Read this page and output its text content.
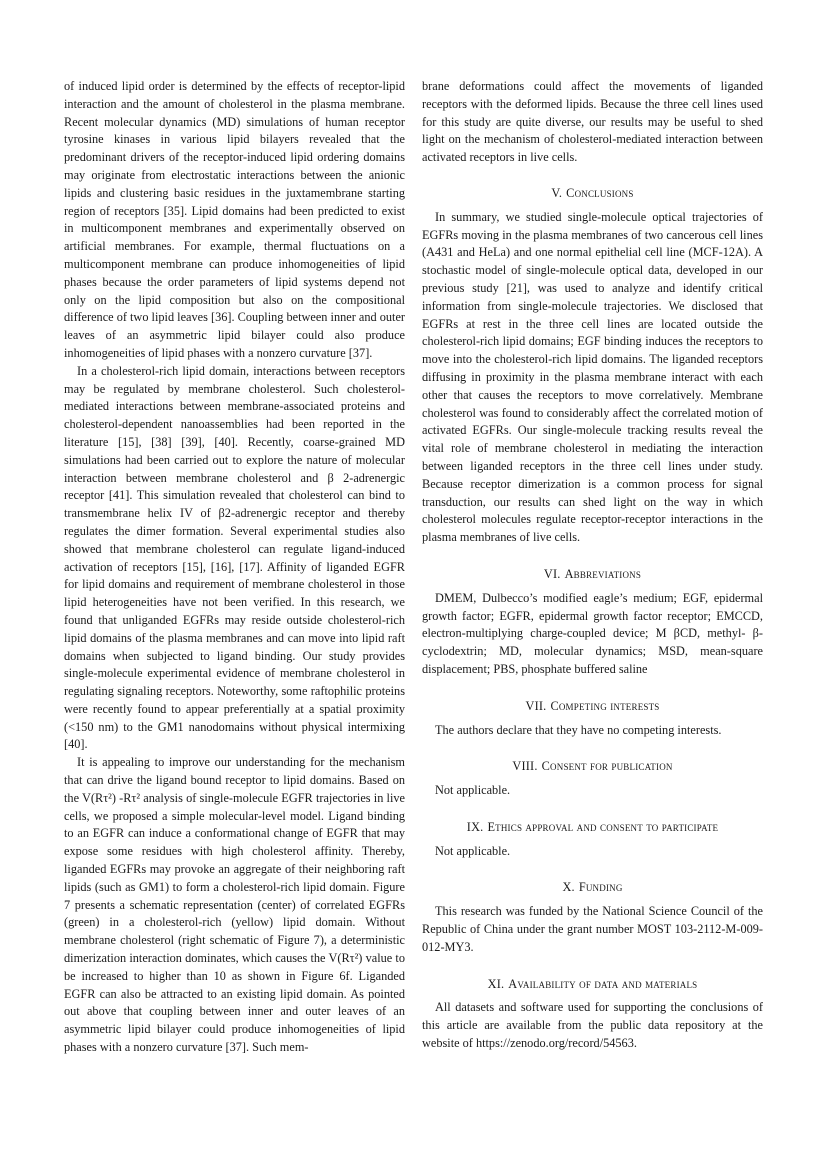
of induced lipid order is determined by the effects of receptor-lipid interaction and the amount of cholesterol in the plasma membrane. Recent molecular dynamics (MD) simulations of human receptor tyrosine kinases in various lipid bilayers revealed that the predominant drivers of the receptor-induced lipid ordering domains may originate from electrostatic interactions between the anionic lipids and clustering basic residues in the juxtamembrane starting region of receptors [35]. Lipid domains had been predicted to exist in multicomponent membranes and experimentally observed on artificial membranes. For example, thermal fluctuations on a multicomponent membrane can produce inhomogeneities of lipid phases because the order parameters of lipid systems depend not only on the lipid composition but also on the compositional difference of two lipid leaves [36]. Coupling between inner and outer leaves of an asymmetric lipid bilayer could also produce inhomogeneities of lipid phases with a nonzero curvature [37].

In a cholesterol-rich lipid domain, interactions between receptors may be regulated by membrane cholesterol. Such cholesterol-mediated interactions between membrane-associated proteins and cholesterol-dependent nanoassemblies had been reported in the literature [15], [38] [39], [40]. Recently, coarse-grained MD simulations had been carried out to explore the nature of molecular interaction between membrane cholesterol and β 2-adrenergic receptor [41]. This simulation revealed that cholesterol can bind to transmembrane helix IV of β2-adrenergic receptor and thereby regulates the dimer formation. Several experimental studies also showed that membrane cholesterol can regulate ligand-induced activation of receptors [15], [16], [17]. Affinity of liganded EGFR for lipid domains and requirement of membrane cholesterol in those lipid heterogeneities have not been verified. In this research, we found that unliganded EGFRs may reside outside cholesterol-rich lipid domains of the plasma membranes and can move into lipid raft domains when subjected to ligand binding. Our study provides single-molecule experimental evidence of membrane cholesterol in regulating signaling receptors. Noteworthy, some raftophilic proteins were recently found to appear preferentially at a spatial proximity (<150 nm) to the GM1 nanodomains without physical intermixing [40].

It is appealing to improve our understanding for the mechanism that can drive the ligand bound receptor to lipid domains. Based on the V(Rτ²) -Rτ² analysis of single-molecule EGFR trajectories in live cells, we proposed a simple molecular-level model. Ligand binding to an EGFR can induce a conformational change of EGFR that may expose some residues with high cholesterol affinity. Thereby, liganded EGFRs may provoke an aggregate of their neighboring raft lipids (such as GM1) to form a cholesterol-rich lipid domain. Figure 7 presents a schematic representation (center) of correlated EGFRs (green) in a cholesterol-rich (yellow) lipid domain. Without membrane cholesterol (right schematic of Figure 7), a deterministic dimerization interaction dominates, which causes the V(Rτ²) value to be increased to higher than 10 as shown in Figure 6f. Liganded EGFR can also be attracted to an existing lipid domain. As pointed out above that coupling between inner and outer leaves of an asymmetric lipid bilayer could produce inhomogeneities of lipid phases with a nonzero curvature [37]. Such mem-

brane deformations could affect the movements of liganded receptors with the deformed lipids. Because the three cell lines used for this study are quite diverse, our results may be useful to shed light on the mechanism of cholesterol-mediated interaction between activated receptors in live cells.

V. Conclusions

In summary, we studied single-molecule optical trajectories of EGFRs moving in the plasma membranes of two cancerous cell lines (A431 and HeLa) and one normal epithelial cell line (MCF-12A). A stochastic model of single-molecule optical data, developed in our previous study [21], was used to analyze and identify critical information from single-molecule trajectories. We disclosed that EGFRs at rest in the three cell lines are located outside the cholesterol-rich lipid domains; EGF binding induces the receptors to move into the cholesterol-rich lipid domains. The liganded receptors diffusing in proximity in the plasma membrane interact with each other that causes the receptors to move correlatively. Membrane cholesterol was found to considerably affect the correlated motion of activated EGFRs. Our single-molecule tracking results reveal the vital role of membrane cholesterol in mediating the interaction between liganded receptors in the three cell lines under study. Because receptor dimerization is a common process for signal transduction, our results can shed light on the way in which cholesterol molecules regulate receptor-receptor interactions in the plasma membranes of live cells.

VI. Abbreviations

DMEM, Dulbecco’s modified eagle’s medium; EGF, epidermal growth factor; EGFR, epidermal growth factor receptor; EMCCD, electron-multiplying charge-coupled device; M βCD, methyl- β-cyclodextrin; MD, molecular dynamics; MSD, mean-square displacement; PBS, phosphate buffered saline

VII. Competing interests

The authors declare that they have no competing interests.

VIII. Consent for publication

Not applicable.

IX. Ethics approval and consent to participate

Not applicable.

X. Funding

This research was funded by the National Science Council of the Republic of China under the grant number MOST 103-2112-M-009-012-MY3.

XI. Availability of data and materials

All datasets and software used for supporting the conclusions of this article are available from the public data repository at the website of https://zenodo.org/record/54563.
